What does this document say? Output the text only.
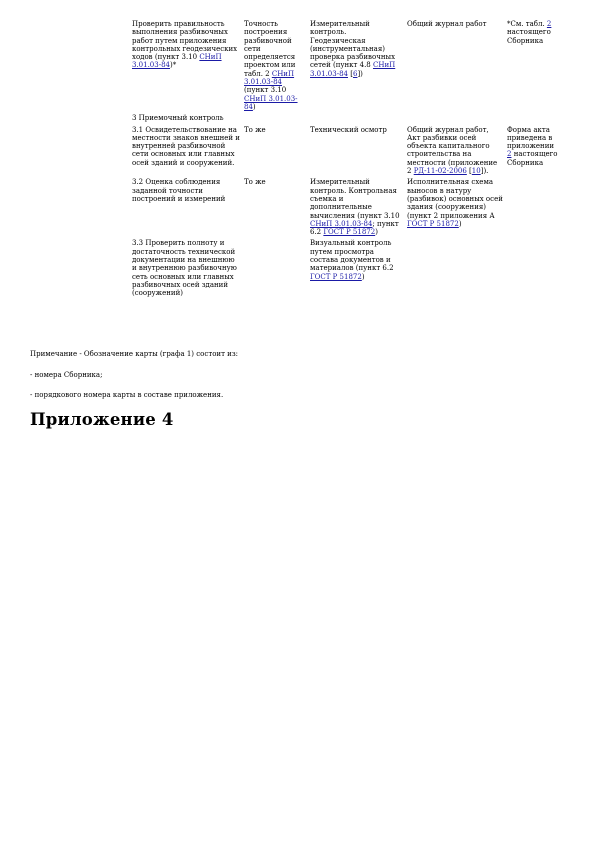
Проверить правильность выполнения разбивочных работ путем приложения контрольных геодезических ходов (пункт 3.10 СНиП 3.01.03-84)*	Точность построения разбивочной сети определяется проектом или табл. 2 СНиП 3.01.03-84 (пункт 3.10 СНиП 3.01.03-84)	Измерительный контроль. Геодезическая (инструментальная) проверка разбивочных сетей (пункт 4.8 СНиП 3.01.03-84 [6])	Общий журнал работ	*См. табл. 2 настоящего Сборника
3 Приемочный контроль				
3.1 Освидетельствование на местности знаков внешней и внутренней разбивочной сети основных или главных осей зданий и сооружений.	То же	Технический осмотр	Общий журнал работ, Акт разбивки осей объекта капитального строительства на местности (приложение 2 РД-11-02-2006 [10]).	Форма акта приведена в приложении 2 настоящего Сборника
3.2 Оценка соблюдения заданной точности построений и измерений	То же	Измерительный контроль. Контрольная съемка и дополнительные вычисления (пункт 3.10 СНиП 3.01.03-84; пункт 6.2 ГОСТ Р 51872)	Исполнительная схема выносов в натуру (разбивок) основных осей здания (сооружения) (пункт 2 приложения А ГОСТ Р 51872)	
3.3 Проверить полноту и достаточность технической документации на внешнюю и внутреннюю разбивочную сеть основных или главных разбивочных осей зданий (сооружений)		Визуальный контроль путем просмотра состава документов и материалов (пункт 6.2 ГОСТ Р 51872)		
Примечание - Обозначение карты (графа 1) состоит из:
- номера Сборника;
- порядкового номера карты в составе приложения.
Приложение 4
